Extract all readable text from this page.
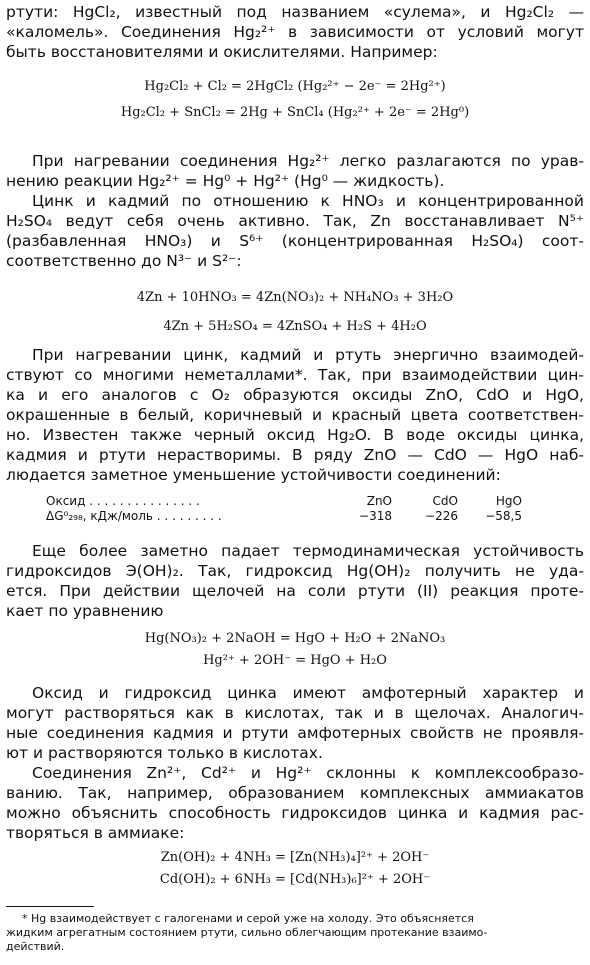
ртути: HgCl₂, известный под названием «сулема», и Hg₂Cl₂ —
«каломель». Соединения Hg₂²⁺ в зависимости от условий могут
быть восстановителями и окислителями. Например:
Hg₂Cl₂ + Cl₂ = 2HgCl₂ (Hg₂²⁺ − 2e⁻ = 2Hg²⁺)
Hg₂Cl₂ + SnCl₂ = 2Hg + SnCl₄ (Hg₂²⁺ + 2e⁻ = 2Hg⁰)
При нагревании соединения Hg₂²⁺ легко разлагаются по урав-
нению реакции Hg₂²⁺ = Hg⁰ + Hg²⁺ (Hg⁰ — жидкость).
Цинк и кадмий по отношению к HNO₃ и концентрированной
H₂SO₄ ведут себя очень активно. Так, Zn восстанавливает N⁵⁺
(разбавленная HNO₃) и S⁶⁺ (концентрированная H₂SO₄) соот-
соответственно до N³⁻ и S²⁻:
4Zn + 10HNO₃ = 4Zn(NO₃)₂ + NH₄NO₃ + 3H₂O
4Zn + 5H₂SO₄ = 4ZnSO₄ + H₂S + 4H₂O
При нагревании цинк, кадмий и ртуть энергично взаимодей-
ствуют со многими неметаллами*. Так, при взаимодействии цин-
ка и его аналогов с O₂ образуются оксиды ZnO, CdO и HgO,
окрашенные в белый, коричневый и красный цвета соответствен-
но. Известен также черный оксид Hg₂O. В воде оксиды цинка,
кадмия и ртути нерастворимы. В ряду ZnO — CdO — HgO наб-
людается заметное уменьшение устойчивости соединений:
Оксид . . . . . . . . . . . . . . .	ZnO	CdO	HgO
ΔG⁰₂₉₈, кДж/моль . . . . . . . . .	−318	−226	−58,5
Еще более заметно падает термодинамическая устойчивость
гидроксидов Э(OH)₂. Так, гидроксид Hg(OH)₂ получить не уда-
ется. При действии щелочей на соли ртути (II) реакция проте-
кает по уравнению
Hg(NO₃)₂ + 2NaOH = HgO + H₂O + 2NaNO₃
Hg²⁺ + 2OH⁻ = HgO + H₂O
Оксид и гидроксид цинка имеют амфотерный характер и
могут растворяться как в кислотах, так и в щелочах. Аналогич-
ные соединения кадмия и ртути амфотерных свойств не проявля-
ют и растворяются только в кислотах.
Соединения Zn²⁺, Cd²⁺ и Hg²⁺ склонны к комплексообразо-
ванию. Так, например, образованием комплексных аммиакатов
можно объяснить способность гидроксидов цинка и кадмия рас-
творяться в аммиаке:
Zn(OH)₂ + 4NH₃ = [Zn(NH₃)₄]²⁺ + 2OH⁻
Cd(OH)₂ + 6NH₃ = [Cd(NH₃)₆]²⁺ + 2OH⁻
* Hg взаимодействует с галогенами и серой уже на холоду. Это объясняется
жидким агрегатным состоянием ртути, сильно облегчающим протекание взаимо-
действий.
